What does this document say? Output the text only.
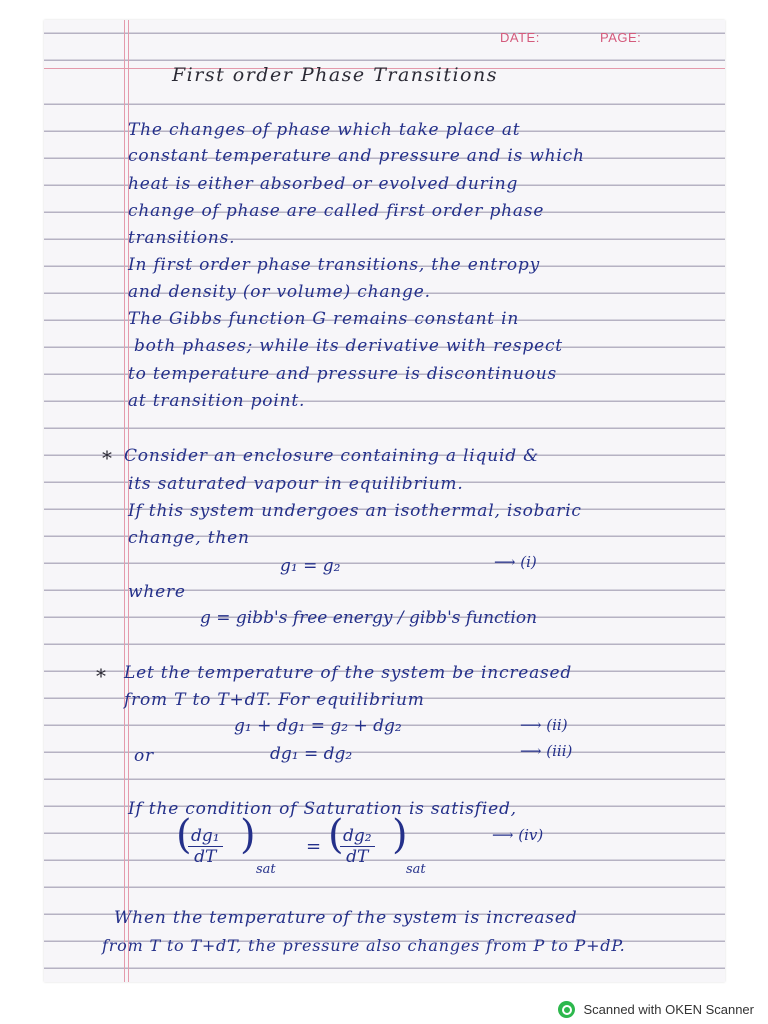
DATE:	PAGE:
First order Phase Transitions
The changes of phase which take place at
constant temperature and pressure and is which
heat is either absorbed or evolved during
change of phase are called first order phase
transitions.
In first order phase transitions, the entropy
and density (or volume) change.
The Gibbs function G remains constant in
both phases; while its derivative with respect
to temperature and pressure is discontinuous
at transition point.
* Consider an enclosure containing a liquid &
its saturated vapour in equilibrium.
If this system undergoes an isothermal, isobaric
change, then
g₁ = g₂	⟶ (i)
where
g = gibb's free energy / gibb's function
* Let the temperature of the system be increased
from T to T+dT. For equilibrium
g₁ + dg₁ = g₂ + dg₂	⟶ (ii)
or	dg₁ = dg₂	⟶ (iii)
If the condition of Saturation is satisfied,
(
$\frac{\text{dg₁}}{dT}$ )
sat
= (
$\frac{\text{dg₂}}{dT}$ )
sat
⟶ (iv)
When the temperature of the system is increased
from T to T+dT, the pressure also changes from P to P+dP.
Scanned with OKEN Scanner
